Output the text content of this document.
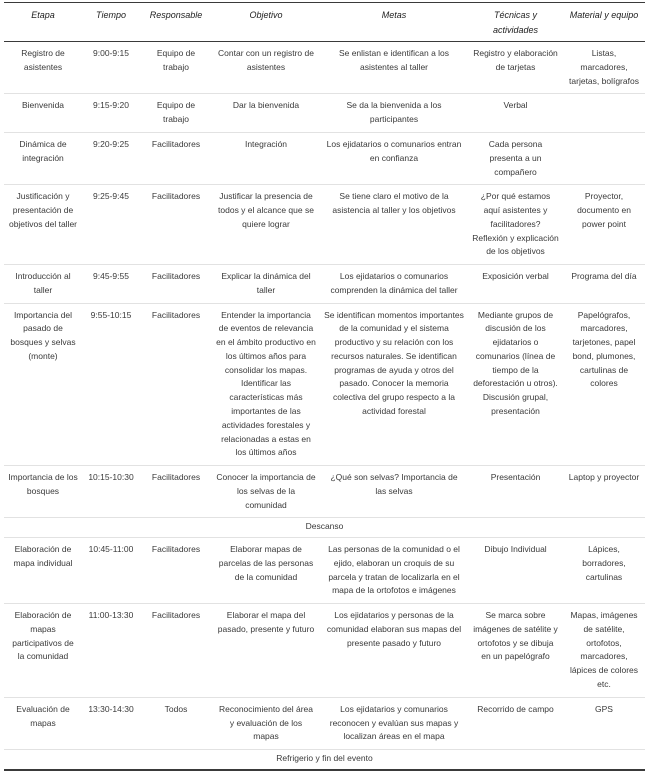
Etapa	Tiempo	Responsable	Objetivo	Metas	Técnicas y actividades	Material y equipo
Registro de asistentes	9:00-9:15	Equipo de trabajo	Contar con un registro de asistentes	Se enlistan e identifican a los asistentes al taller	Registro y elaboración de tarjetas	Listas, marcadores, tarjetas, bolígrafos
Bienvenida	9:15-9:20	Equipo de trabajo	Dar la bienvenida	Se da la bienvenida a los participantes	Verbal	
Dinámica de integración	9:20-9:25	Facilitadores	Integración	Los ejidatarios o comunarios entran en confianza	Cada persona presenta a un compañero	
Justificación y presentación de objetivos del taller	9:25-9:45	Facilitadores	Justificar la presencia de todos y el alcance que se quiere lograr	Se tiene claro el motivo de la asistencia al taller y los objetivos	¿Por qué estamos aquí asistentes y facilitadores? Reflexión y explicación de los objetivos	Proyector, documento en power point
Introducción al taller	9:45-9:55	Facilitadores	Explicar la dinámica del taller	Los ejidatarios o comunarios comprenden la dinámica del taller	Exposición verbal	Programa del día
Importancia del pasado de bosques y selvas (monte)	9:55-10:15	Facilitadores	Entender la importancia de eventos de relevancia en el ámbito productivo en los últimos años para consolidar los mapas. Identificar las características más importantes de las actividades forestales y relacionadas a estas en los últimos años	Se identifican momentos importantes de la comunidad y el sistema productivo y su relación con los recursos naturales. Se identifican programas de ayuda y otros del pasado. Conocer la memoria colectiva del grupo respecto a la actividad forestal	Mediante grupos de discusión de los ejidatarios o comunarios (línea de tiempo de la deforestación u otros). Discusión grupal, presentación	Papelógrafos, marcadores, tarjetones, papel bond, plumones, cartulinas de colores
Importancia de los bosques	10:15-10:30	Facilitadores	Conocer la importancia de los selvas de la comunidad	¿Qué son selvas? Importancia de las selvas	Presentación	Laptop y proyector
Descanso						
Elaboración de mapa individual	10:45-11:00	Facilitadores	Elaborar mapas de parcelas de las personas de la comunidad	Las personas de la comunidad o el ejido, elaboran un croquis de su parcela y tratan de localizarla en el mapa de la ortofotos e imágenes	Dibujo Individual	Lápices, borradores, cartulinas
Elaboración de mapas participativos de la comunidad	11:00-13:30	Facilitadores	Elaborar el mapa del pasado, presente y futuro	Los ejidatarios y personas de la comunidad elaboran sus mapas del presente pasado y futuro	Se marca sobre imágenes de satélite y ortofotos y se dibuja en un papelógrafo	Mapas, imágenes de satélite, ortofotos, marcadores, lápices de colores etc.
Evaluación de mapas	13:30-14:30	Todos	Reconocimiento del área y evaluación de los mapas	Los ejidatarios y comunarios reconocen y evalúan sus mapas y localizan áreas en el mapa	Recorrido de campo	GPS
Refrigerio y fin del evento						
